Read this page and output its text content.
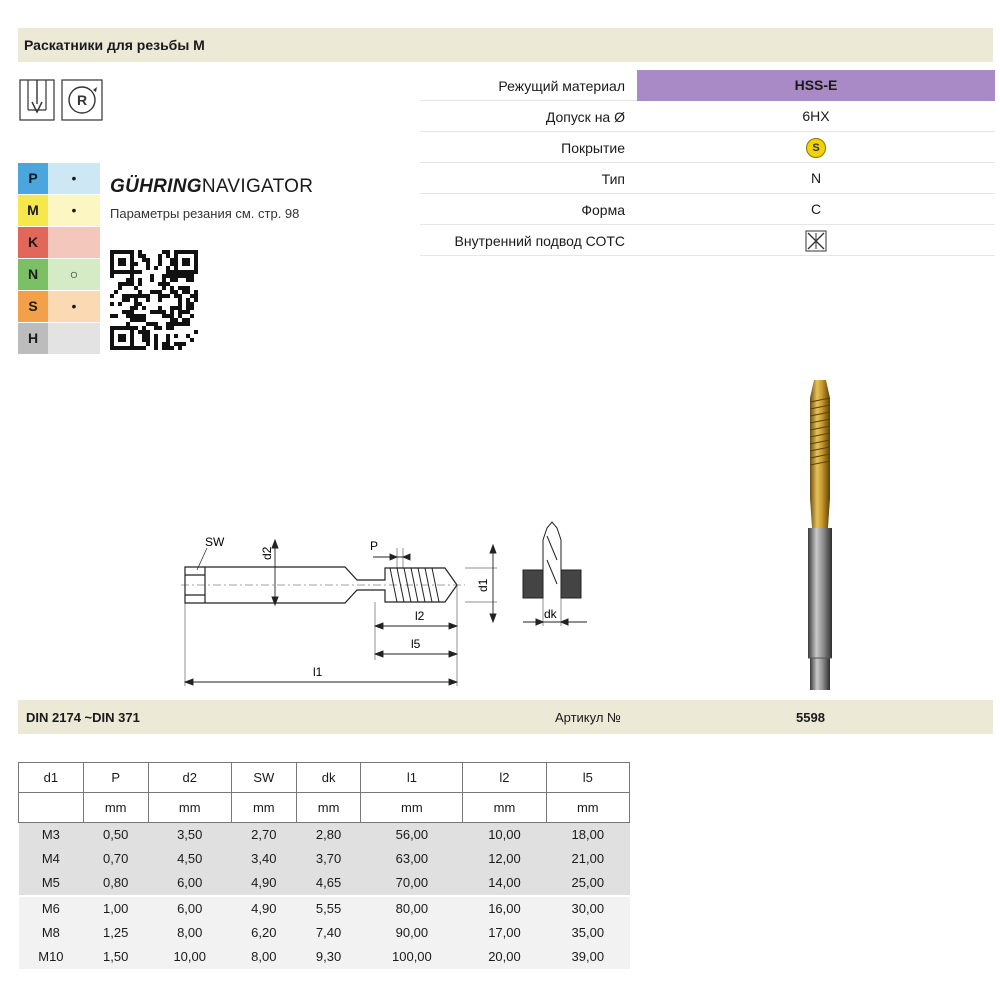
Раскатники для резьбы M
R
Режущий материал	HSS-E
Допуск на Ø	6HX
Покрытие	S
Тип	N
Форма	C
Внутренний подвод СОТС
P	•
M	•
K
N	○
S	•
H
GÜHRINGNAVIGATOR
Параметры резания см. стр. 98
SW
d2
P
d1
l2
l5
l1
dk
DIN 2174 ~DIN 371	Артикул №	5598
d1	P	d2	SW	dk	l1	l2	l5
	mm	mm	mm	mm	mm	mm	mm
M3	0,50	3,50	2,70	2,80	56,00	10,00	18,00
M4	0,70	4,50	3,40	3,70	63,00	12,00	21,00
M5	0,80	6,00	4,90	4,65	70,00	14,00	25,00
M6	1,00	6,00	4,90	5,55	80,00	16,00	30,00
M8	1,25	8,00	6,20	7,40	90,00	17,00	35,00
M10	1,50	10,00	8,00	9,30	100,00	20,00	39,00
